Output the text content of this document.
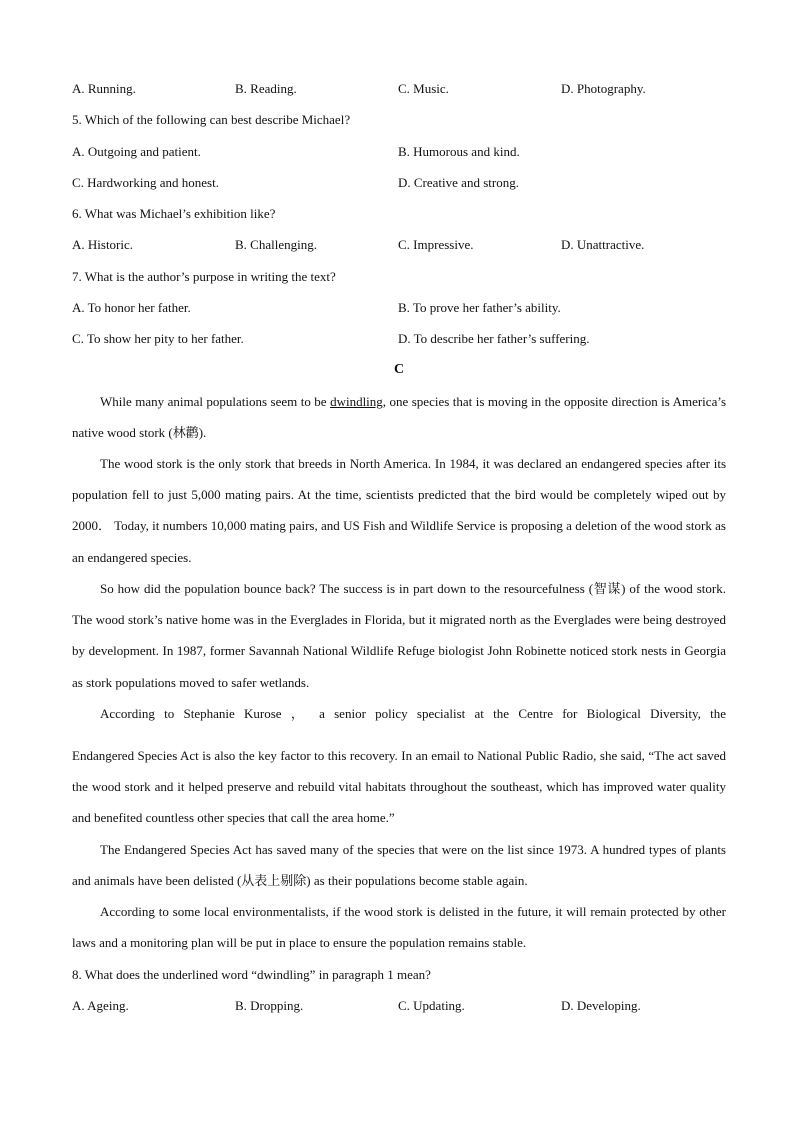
A. Running.	B. Reading.	C. Music.	D. Photography.
5. Which of the following can best describe Michael?
A. Outgoing and patient.	B. Humorous and kind.
C. Hardworking and honest.	D. Creative and strong.
6. What was Michael’s exhibition like?
A. Historic.	B. Challenging.	C. Impressive.	D. Unattractive.
7. What is the author’s purpose in writing the text?
A. To honor her father.	B. To prove her father’s ability.
C. To show her pity to her father.	D. To describe her father’s suffering.
C

While many animal populations seem to be dwindling, one species that is moving in the opposite direction is America’s native wood stork (林鹳).

The wood stork is the only stork that breeds in North America. In 1984, it was declared an endangered species after its population fell to just 5,000 mating pairs. At the time, scientists predicted that the bird would be completely wiped out by 2000． Today, it numbers 10,000 mating pairs, and US Fish and Wildlife Service is proposing a deletion of the wood stork as an endangered species.

So how did the population bounce back? The success is in part down to the resourcefulness (智谋) of the wood stork. The wood stork’s native home was in the Everglades in Florida, but it migrated north as the Everglades were being destroyed by development. In 1987, former Savannah National Wildlife Refuge biologist John Robinette noticed stork nests in Georgia as stork populations moved to safer wetlands.

According to Stephanie Kurose ， a senior policy specialist at the Centre for Biological Diversity, the

Endangered Species Act is also the key factor to this recovery. In an email to National Public Radio, she said, “The act saved the wood stork and it helped preserve and rebuild vital habitats throughout the southeast, which has improved water quality and benefited countless other species that call the area home.”

The Endangered Species Act has saved many of the species that were on the list since 1973. A hundred types of plants and animals have been delisted (从表上剔除) as their populations become stable again.

According to some local environmentalists, if the wood stork is delisted in the future, it will remain protected by other laws and a monitoring plan will be put in place to ensure the population remains stable.

8. What does the underlined word “dwindling” in paragraph 1 mean?
A. Ageing.	B. Dropping.	C. Updating.	D. Developing.
